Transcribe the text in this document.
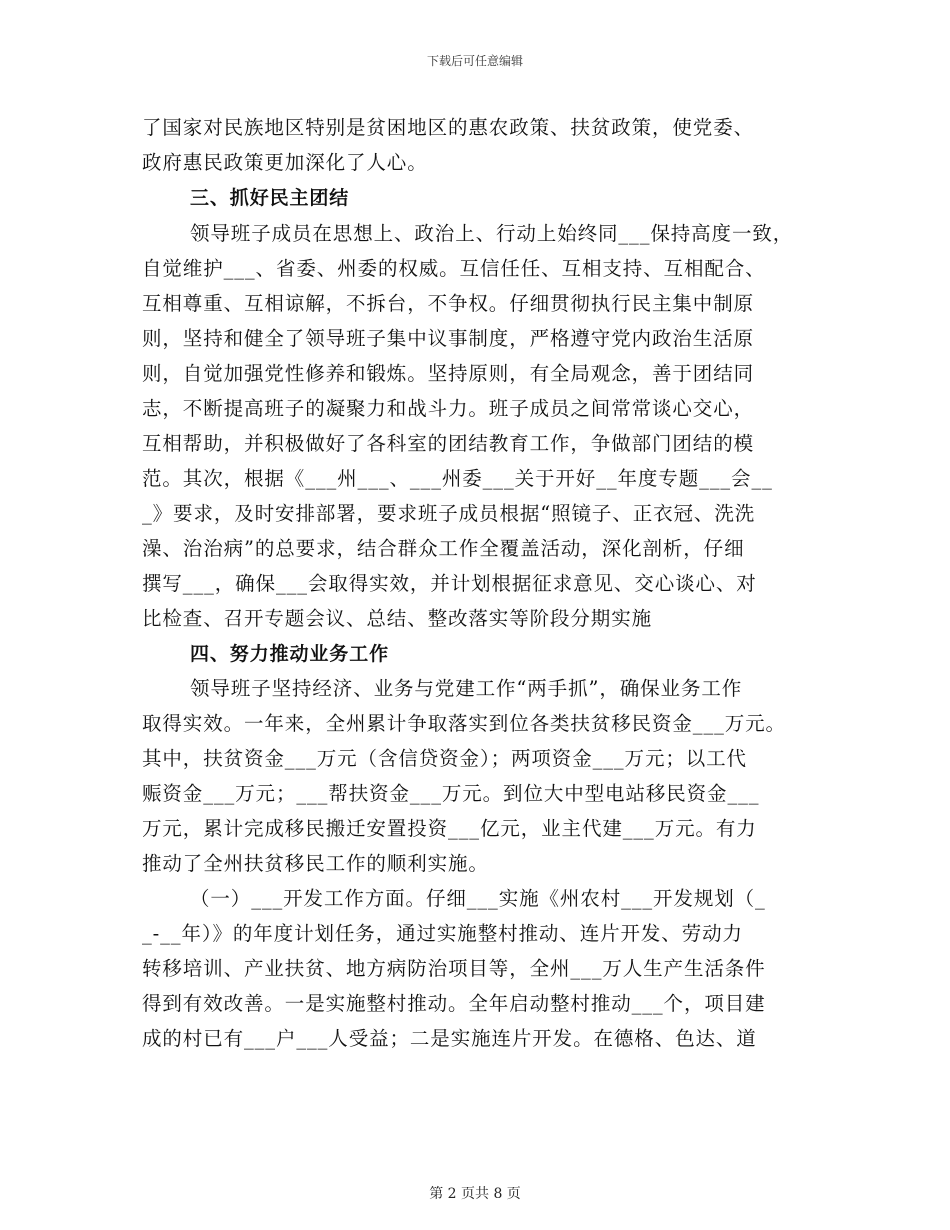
下载后可任意编辑
了国家对民族地区特别是贫困地区的惠农政策、扶贫政策，使党委、
政府惠民政策更加深化了人心。
三、抓好民主团结
领导班子成员在思想上、政治上、行动上始终同___保持高度一致，
自觉维护___、省委、州委的权威。互信任任、互相支持、互相配合、
互相尊重、互相谅解，不拆台，不争权。仔细贯彻执行民主集中制原
则，坚持和健全了领导班子集中议事制度，严格遵守党内政治生活原
则，自觉加强党性修养和锻炼。坚持原则，有全局观念，善于团结同
志，不断提高班子的凝聚力和战斗力。班子成员之间常常谈心交心，
互相帮助，并积极做好了各科室的团结教育工作，争做部门团结的模
范。其次，根据《___州___、___州委___关于开好__年度专题___会__
_》要求，及时安排部署，要求班子成员根据“照镜子、正衣冠、洗洗
澡、治治病”的总要求，结合群众工作全覆盖活动，深化剖析，仔细
撰写___，确保___会取得实效，并计划根据征求意见、交心谈心、对
比检查、召开专题会议、总结、整改落实等阶段分期实施
四、努力推动业务工作
领导班子坚持经济、业务与党建工作“两手抓”，确保业务工作
取得实效。一年来，全州累计争取落实到位各类扶贫移民资金___万元。
其中，扶贫资金___万元（含信贷资金）；两项资金___万元；以工代
赈资金___万元；___帮扶资金___万元。到位大中型电站移民资金___
万元，累计完成移民搬迁安置投资___亿元，业主代建___万元。有力
推动了全州扶贫移民工作的顺利实施。
（一）___开发工作方面。仔细___实施《州农村___开发规划（_
_-__年）》的年度计划任务，通过实施整村推动、连片开发、劳动力
转移培训、产业扶贫、地方病防治项目等，全州___万人生产生活条件
得到有效改善。一是实施整村推动。全年启动整村推动___个，项目建
成的村已有___户___人受益；二是实施连片开发。在德格、色达、道
第 2 页共 8 页
